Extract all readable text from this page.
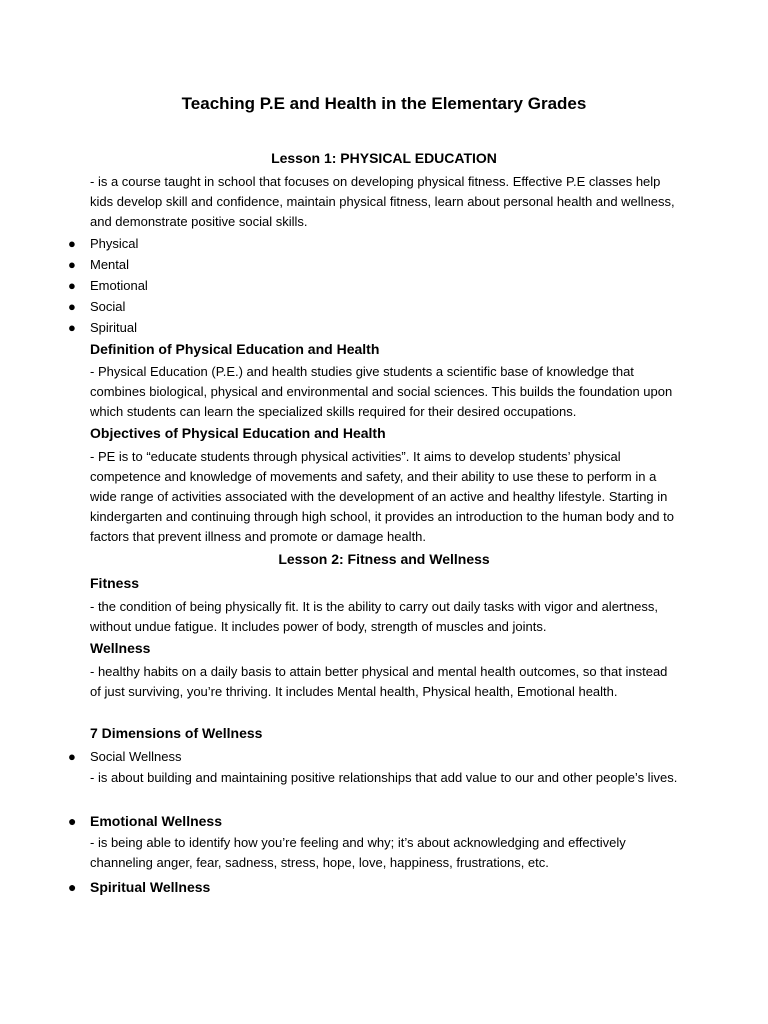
Teaching P.E and Health in the Elementary Grades
Lesson 1: PHYSICAL EDUCATION

- is a course taught in school that focuses on developing physical fitness. Effective P.E classes help kids develop skill and confidence, maintain physical fitness, learn about personal health and wellness, and demonstrate positive social skills.

●	Physical
●	Mental
●	Emotional
●	Social
●	Spiritual
Definition of Physical Education and Health

- Physical Education (P.E.) and health studies give students a scientific base of knowledge that combines biological, physical and environmental and social sciences. This builds the foundation upon which students can learn the specialized skills required for their desired occupations.

Objectives of Physical Education and Health

- PE is to “educate students through physical activities”. It aims to develop students’ physical competence and knowledge of movements and safety, and their ability to use these to perform in a wide range of activities associated with the development of an active and healthy lifestyle. Starting in kindergarten and continuing through high school, it provides an introduction to the human body and to factors that prevent illness and promote or damage health.

Lesson 2: Fitness and Wellness
Fitness

- the condition of being physically fit. It is the ability to carry out daily tasks with vigor and alertness, without undue fatigue. It includes power of body, strength of muscles and joints.

Wellness

- healthy habits on a daily basis to attain better physical and mental health outcomes, so that instead of just surviving, you’re thriving. It includes Mental health, Physical health, Emotional health.

7 Dimensions of Wellness
●	Social Wellness

- is about building and maintaining positive relationships that add value to our and other people’s lives.

● Emotional Wellness

- is being able to identify how you’re feeling and why; it’s about acknowledging and effectively channeling anger, fear, sadness, stress, hope, love, happiness, frustrations, etc.

● Spiritual Wellness
